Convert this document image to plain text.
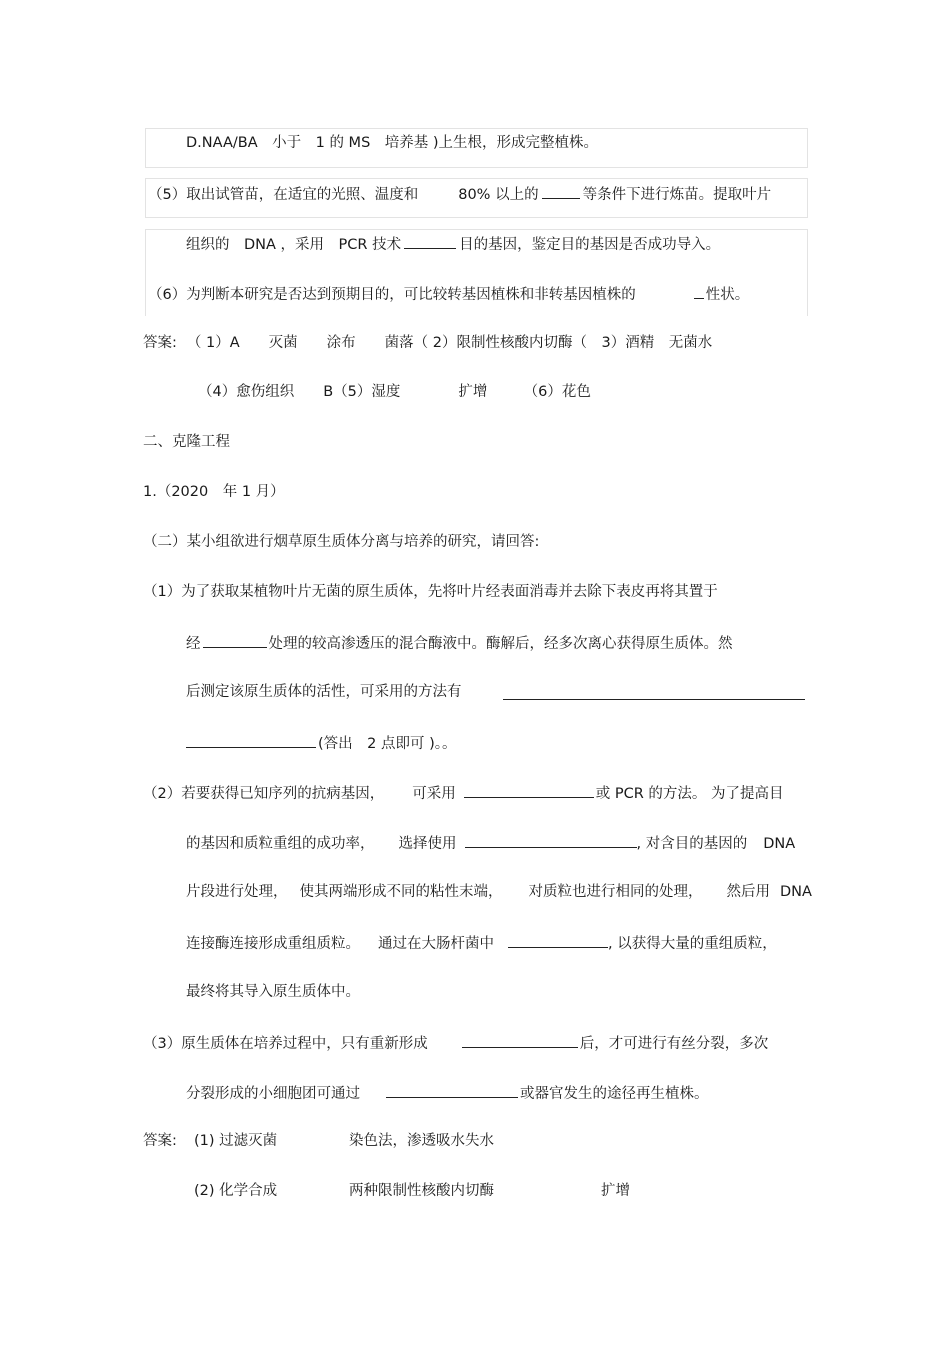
D.NAA/BA　小于　1 的 MS　培养基 )上生根，形成完整植株。
（5）取出试管苗，在适宜的光照、温度和	80% 以上的	等条件下进行炼苗。提取叶片
组织的　DNA ，采用　PCR 技术	目的基因，鉴定目的基因是否成功导入。
（6）为判断本研究是否达到预期目的，可比较转基因植株和非转基因植株的	性状。
答案: （ 1）A　　灭菌　　涂布　　菌落（ 2）限制性核酸内切酶（　3）酒精　无菌水
（4）愈伤组织　　B（5）湿度　　　　扩增　　　（6）花色
二、克隆工程
1.（2020　年 1 月）
（二）某小组欲进行烟草原生质体分离与培养的研究，请回答:
（1）为了获取某植物叶片无菌的原生质体，先将叶片经表面消毒并去除下表皮再将其置于
经	处理的较高渗透压的混合酶液中。酶解后，经多次离心获得原生质体。然
后测定该原生质体的活性，可采用的方法有
(答出　2 点即可 )。。
（2）若要获得已知序列的抗病基因， 可采用	或 PCR 的方法。 为了提高目
的基因和质粒重组的成功率， 选择使用	, 对含目的基因的 DNA
片段进行处理， 使其两端形成不同的粘性末端， 对质粒也进行相同的处理， 然后用 DNA
连接酶连接形成重组质粒。 通过在大肠杆菌中	, 以获得大量的重组质粒，
最终将其导入原生质体中。
（3）原生质体在培养过程中，只有重新形成	后，才可进行有丝分裂，多次
分裂形成的小细胞团可通过	或器官发生的途径再生植株。
答案: (1) 过滤灭菌	染色法，渗透吸水失水
(2) 化学合成	两种限制性核酸内切酶	扩增
